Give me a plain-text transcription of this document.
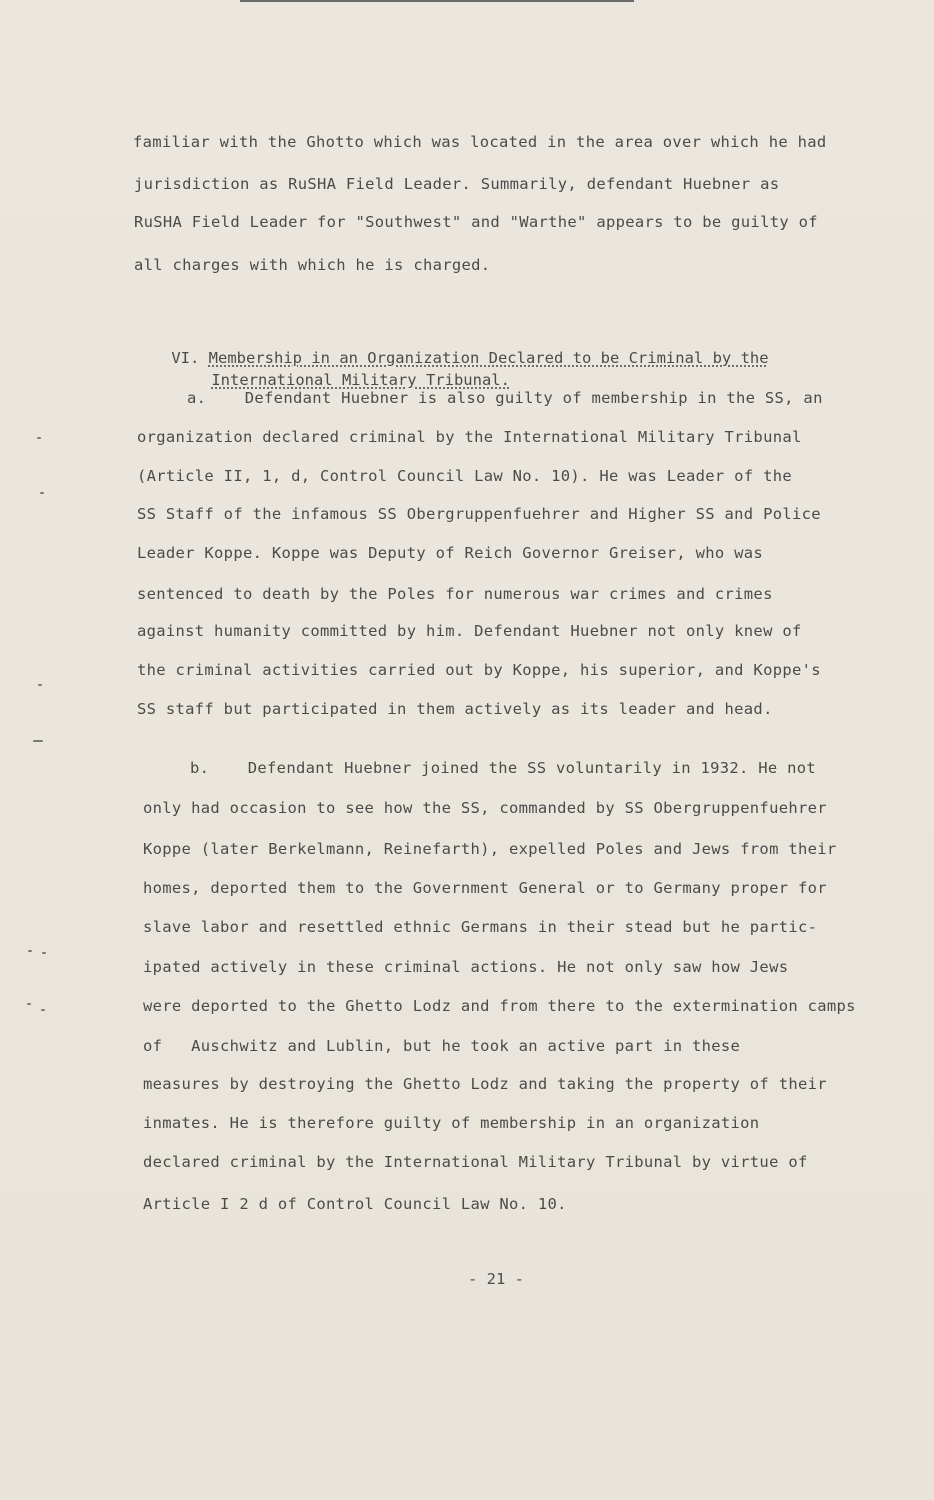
familiar with the Ghotto which was located in the area over which he had
jurisdiction as RuSHA Field Leader. Summarily, defendant Huebner as
RuSHA Field Leader for "Southwest" and "Warthe" appears to be guilty of
all charges with which he is charged.

VI. Membership in an Organization Declared to be Criminal by the

International Military Tribunal.

a.    Defendant Huebner is also guilty of membership in the SS, an
organization declared criminal by the International Military Tribunal
(Article II, 1, d, Control Council Law No. 10). He was Leader of the
SS Staff of the infamous SS Obergruppenfuehrer and Higher SS and Police
Leader Koppe. Koppe was Deputy of Reich Governor Greiser, who was
sentenced to death by the Poles for numerous war crimes and crimes
against humanity committed by him. Defendant Huebner not only knew of
the criminal activities carried out by Koppe, his superior, and Koppe's
SS staff but participated in them actively as its leader and head.
b.    Defendant Huebner joined the SS voluntarily in 1932. He not
only had occasion to see how the SS, commanded by SS Obergruppenfuehrer
Koppe (later Berkelmann, Reinefarth), expelled Poles and Jews from their
homes, deported them to the Government General or to Germany proper for
slave labor and resettled ethnic Germans in their stead but he partic-
ipated actively in these criminal actions. He not only saw how Jews
were deported to the Ghetto Lodz and from there to the extermination camps
of   Auschwitz and Lublin, but he took an active part in these
measures by destroying the Ghetto Lodz and taking the property of their
inmates. He is therefore guilty of membership in an organization
declared criminal by the International Military Tribunal by virtue of
Article I 2 d of Control Council Law No. 10.
- 21 -
